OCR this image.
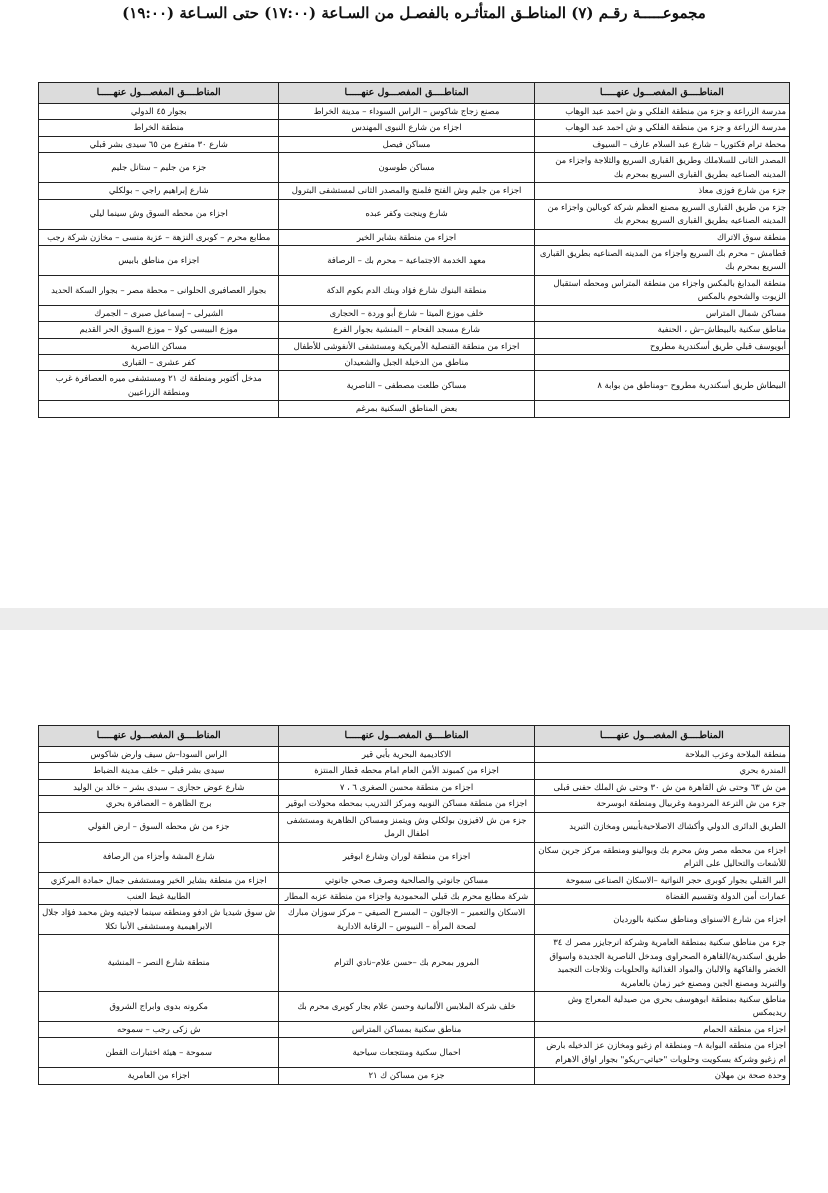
مجموعـــــة رقـم (٧) المناطـق المتأثـره بالفصـل من السـاعة (١٧:٠٠) حتى السـاعة (١٩:٠٠)
المناطــــق المفصـــول عنهـــــا	المناطــــق المفصـــول عنهـــــا	المناطــــق المفصـــول عنهـــــا
مدرسة الزراعة و جزء من منطقة الفلكي و ش احمد عبد الوهاب	مصنع زجاج شاكوس – الراس السوداء – مدينة الخراط	بجوار ٤٥ الدولي
مدرسة الزراعة و جزء من منطقة الفلكي و ش احمد عبد الوهاب	اجزاء من شارع النبوى المهندس	منطقة الخراط
محطة ترام فكتوريا – شارع عبد السلام عارف – السيوف	مساكن فيصل	شارع ٣٠ متفرع من ٦٥ سيدى بشر قبلي
المصدر الثانى للسلاملك وطريق القبارى السريع والثلاجة واجزاء من المدينه الصناعيه بطريق القبارى السريع بمحرم بك	مساكن طوسون	جزء من جليم – ستانل جليم
جزء من شارع فوزى معاذ	اجزاء من جليم وش الفتح فلمنج والمصدر الثانى لمستشفى البترول	شارع إبراهيم راجي – بولكلي
جزء من طريق القبارى السريع مصنع العظم شركة كوبالين واجزاء من المدينه الصناعيه بطريق القبارى السريع بمحرم بك	شارع وينجت وكفر عبده	اجزاء من محطه السوق وش سينما ليلي
منطقة سوق الاتراك	اجزاء من منطقة بشاير الخير	مطابع محرم – كوبرى النزهة – عزبة منسى – مخازن شركة رجب
قطامش – محرم بك السريع واجزاء من المدينه الصناعيه بطريق القبارى السريع بمحرم بك	معهد الخدمة الاجتماعية – محرم بك – الرصافة	اجزاء من مناطق بابيس
منطقة المدابغ بالمكس واجزاء من منطقة المتراس ومحطه استقبال الزيوت والشحوم بالمكس	منطقة البنوك شارع فؤاد وبنك الدم بكوم الدكة	بجوار العصافيرى الحلوانى – محطة مصر – بجوار السكة الحديد
مساكن شمال المتراس	خلف موزع الميتا – شارع أبو وردة – الحجارى	الشيرلى – إسماعيل صبرى – الجمرك
مناطق سكنية بالبيطاش–ش ، الحنفية	شارع مسجد الفحام – المنشية بجوار الفرع	موزع البيبسى كولا – موزع السوق الحر القديم
أبويوسف قبلي طريق أسكندرية مطروح	اجزاء من منطقة القنصلية الأمريكية ومستشفى الأنفوشى للأطفال	مساكن الناصرية
	مناطق من الدخيلة الجبل والشعيدان	كفر عشرى – القبارى
البيطاش طريق أسكندرية مطروح –ومناطق من بوابة ٨	مساكن طلعت مصطفى – الناصرية	مدخل أكتوبر ومنطقة ك ٢١ ومستشفى ميره العصافرة غرب ومنطقة الزراعيين
	بعض المناطق السكنية بمرغم	
المناطــــق المفصـــول عنهـــــا	المناطــــق المفصـــول عنهـــــا	المناطــــق المفصـــول عنهـــــا
منطقة الملاحة وعزب الملاحة	الاكاديمية البحرية بأبي قير	الراس السودا–ش سيف وارض شاكوس
المندرة بحري	اجزاء من كمبوند الأمن العام امام محطه قطار المنتزة	سيدى بشر قبلي – خلف مدينة الضباط
من ش ٦٣ وحتى ش القاهرة من ش ٣٠ وحتى ش الملك حفنى قبلى	اجزاء من منطقة محسن الصغرى ٦ ، ٧	شارع عوض حجازى – سيدى بشر – خالد بن الوليد
جزء من ش الترعة المردومة وغربيال ومنطقة ابوسرحة	اجزاء من منطقة مساكن النوبيه ومركز التدريب بمحطه محولات ابوقير	برج الظاهرة – العصافرة بحري
الطريق الدائرى الدولي وأكشاك الاصلاحيةبأبيس ومخازن التبريد	جزء من ش لافيزون بولكلي وش ويتمنز ومساكن الظاهرية ومستشفى اطفال الرمل	جزء من ش محطه السوق – ارض الفولي
اجزاء من محطه مصر وش محرم بك وبوالينو ومنطقه مركز جرين سكان للأشعات والتحاليل على الترام	اجزاء من منطقة لوران وشارع ابوقير	شارع المشة وأجزاء من الرصافة
البر القبلي بجوار كوبرى حجر النواتية –الاسكان الصناعى سموحة	مساكن جانوتي والصالحية وصرف صحي جانوتي	اجزاء من منطقة بشاير الخير ومستشفى جمال حمادة المركزي
عمارات أمن الدولة وتقسيم القضاة	شركة مطابع محرم بك قبلي المحمودية واجزاء من منطقة عزبه المطار	الطابية غيط العنب
اجزاء من شارع الاسنواى ومناطق سكنية بالورديان	الاسكان والتعمير – الاجالون – المسرح الصيفي – مركز سوزان مبارك لصحة المرأة – النيبوس – الرقابة الادارية	ش سوق شيديا ش ادفو ومنطقه سينما لاجيتيه وش محمد فؤاد جلال الابراهيمية ومستشفى الأنبا تكلا
جزء من مناطق سكنية بمنطقة العامرية وشركة انرجايزر مصر ك ٣٤ طريق اسكندرية/القاهرة الصحراوى ومدخل الناصرية الجديدة واسواق الخضر والفاكهة والالبان والمواد الغذائية والحلويات وثلاجات التجميد والتبريد ومصنع الجبن ومصنع خير زمان بالعامرية	المرور بمحرم بك –حسن علام–نادي الترام	منطقة شارع النصر – المنشية
مناطق سكنية بمنطقة ابوهوسف بحري من صيدلية المعراج وش ريديمكس	خلف شركة الملابس الألمانية وحسن علام بجار كوبرى محرم بك	مكرونه بدوى وابراج الشروق
اجزاء من منطقة الحمام	مناطق سكنية بمساكن المتراس	ش زكى رجب – سموحه
اجزاء من منطقه البوابة ٨– ومنطقة ام زغيو ومخازن عز الدخيله بارض ام زغيو وشركة بسكويت وحلويات "حياتي–ريكو" بجوار اواق الاهرام	احمال سكنية ومنتجعات سياحية	سموحة – هيئة اختبارات القطن
وحدة صحة بن مهلان	جزء من مساكن ك ٢١	اجزاء من العامرية
